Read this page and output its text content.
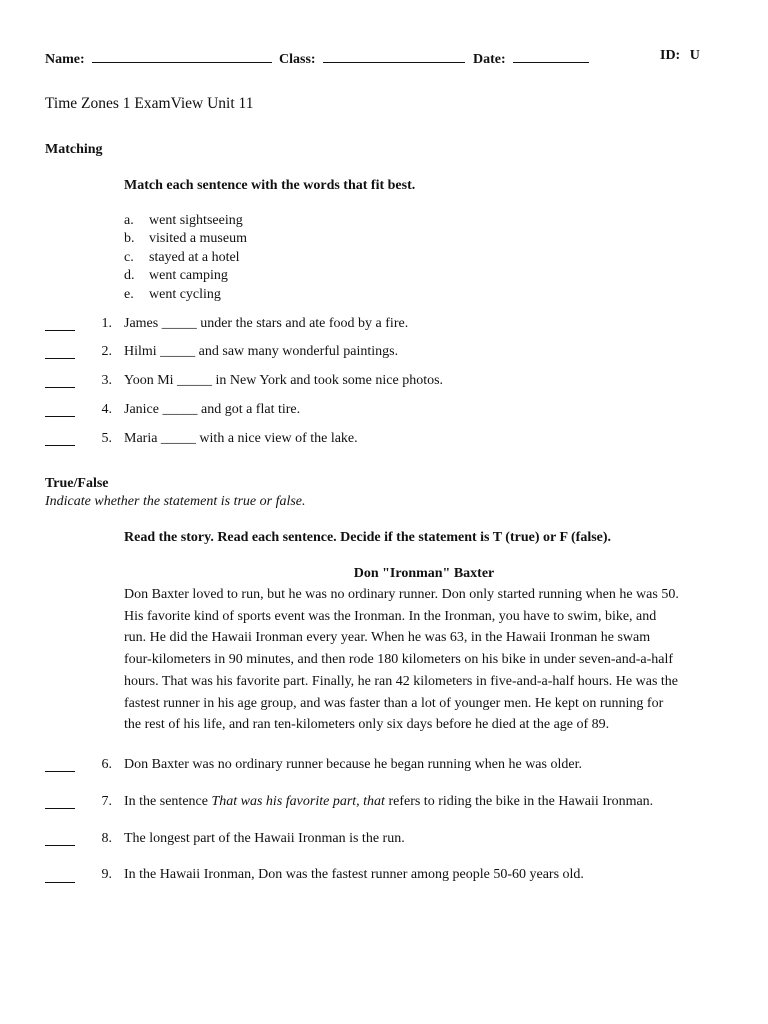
Name:	Class:	Date:	ID: U
Time Zones 1 ExamView Unit 11
Matching
Match each sentence with the words that fit best.
a. went sightseeing
b. visited a museum
c. stayed at a hotel
d. went camping
e. went cycling
1. James _____ under the stars and ate food by a fire.
2. Hilmi _____ and saw many wonderful paintings.
3. Yoon Mi _____ in New York and took some nice photos.
4. Janice _____ and got a flat tire.
5. Maria _____ with a nice view of the lake.
True/False
Indicate whether the statement is true or false.
Read the story. Read each sentence. Decide if the statement is T (true) or F (false).
Don "Ironman" Baxter
Don Baxter loved to run, but he was no ordinary runner. Don only started running when he was 50.
His favorite kind of sports event was the Ironman. In the Ironman, you have to swim, bike, and
run. He did the Hawaii Ironman every year. When he was 63, in the Hawaii Ironman he swam
four-kilometers in 90 minutes, and then rode 180 kilometers on his bike in under seven-and-a-half
hours. That was his favorite part. Finally, he ran 42 kilometers in five-and-a-half hours. He was the
fastest runner in his age group, and was faster than a lot of younger men. He kept on running for
the rest of his life, and ran ten-kilometers only six days before he died at the age of 89.
6. Don Baxter was no ordinary runner because he began running when he was older.
7. In the sentence That was his favorite part, that refers to riding the bike in the Hawaii Ironman.
8. The longest part of the Hawaii Ironman is the run.
9. In the Hawaii Ironman, Don was the fastest runner among people 50-60 years old.
